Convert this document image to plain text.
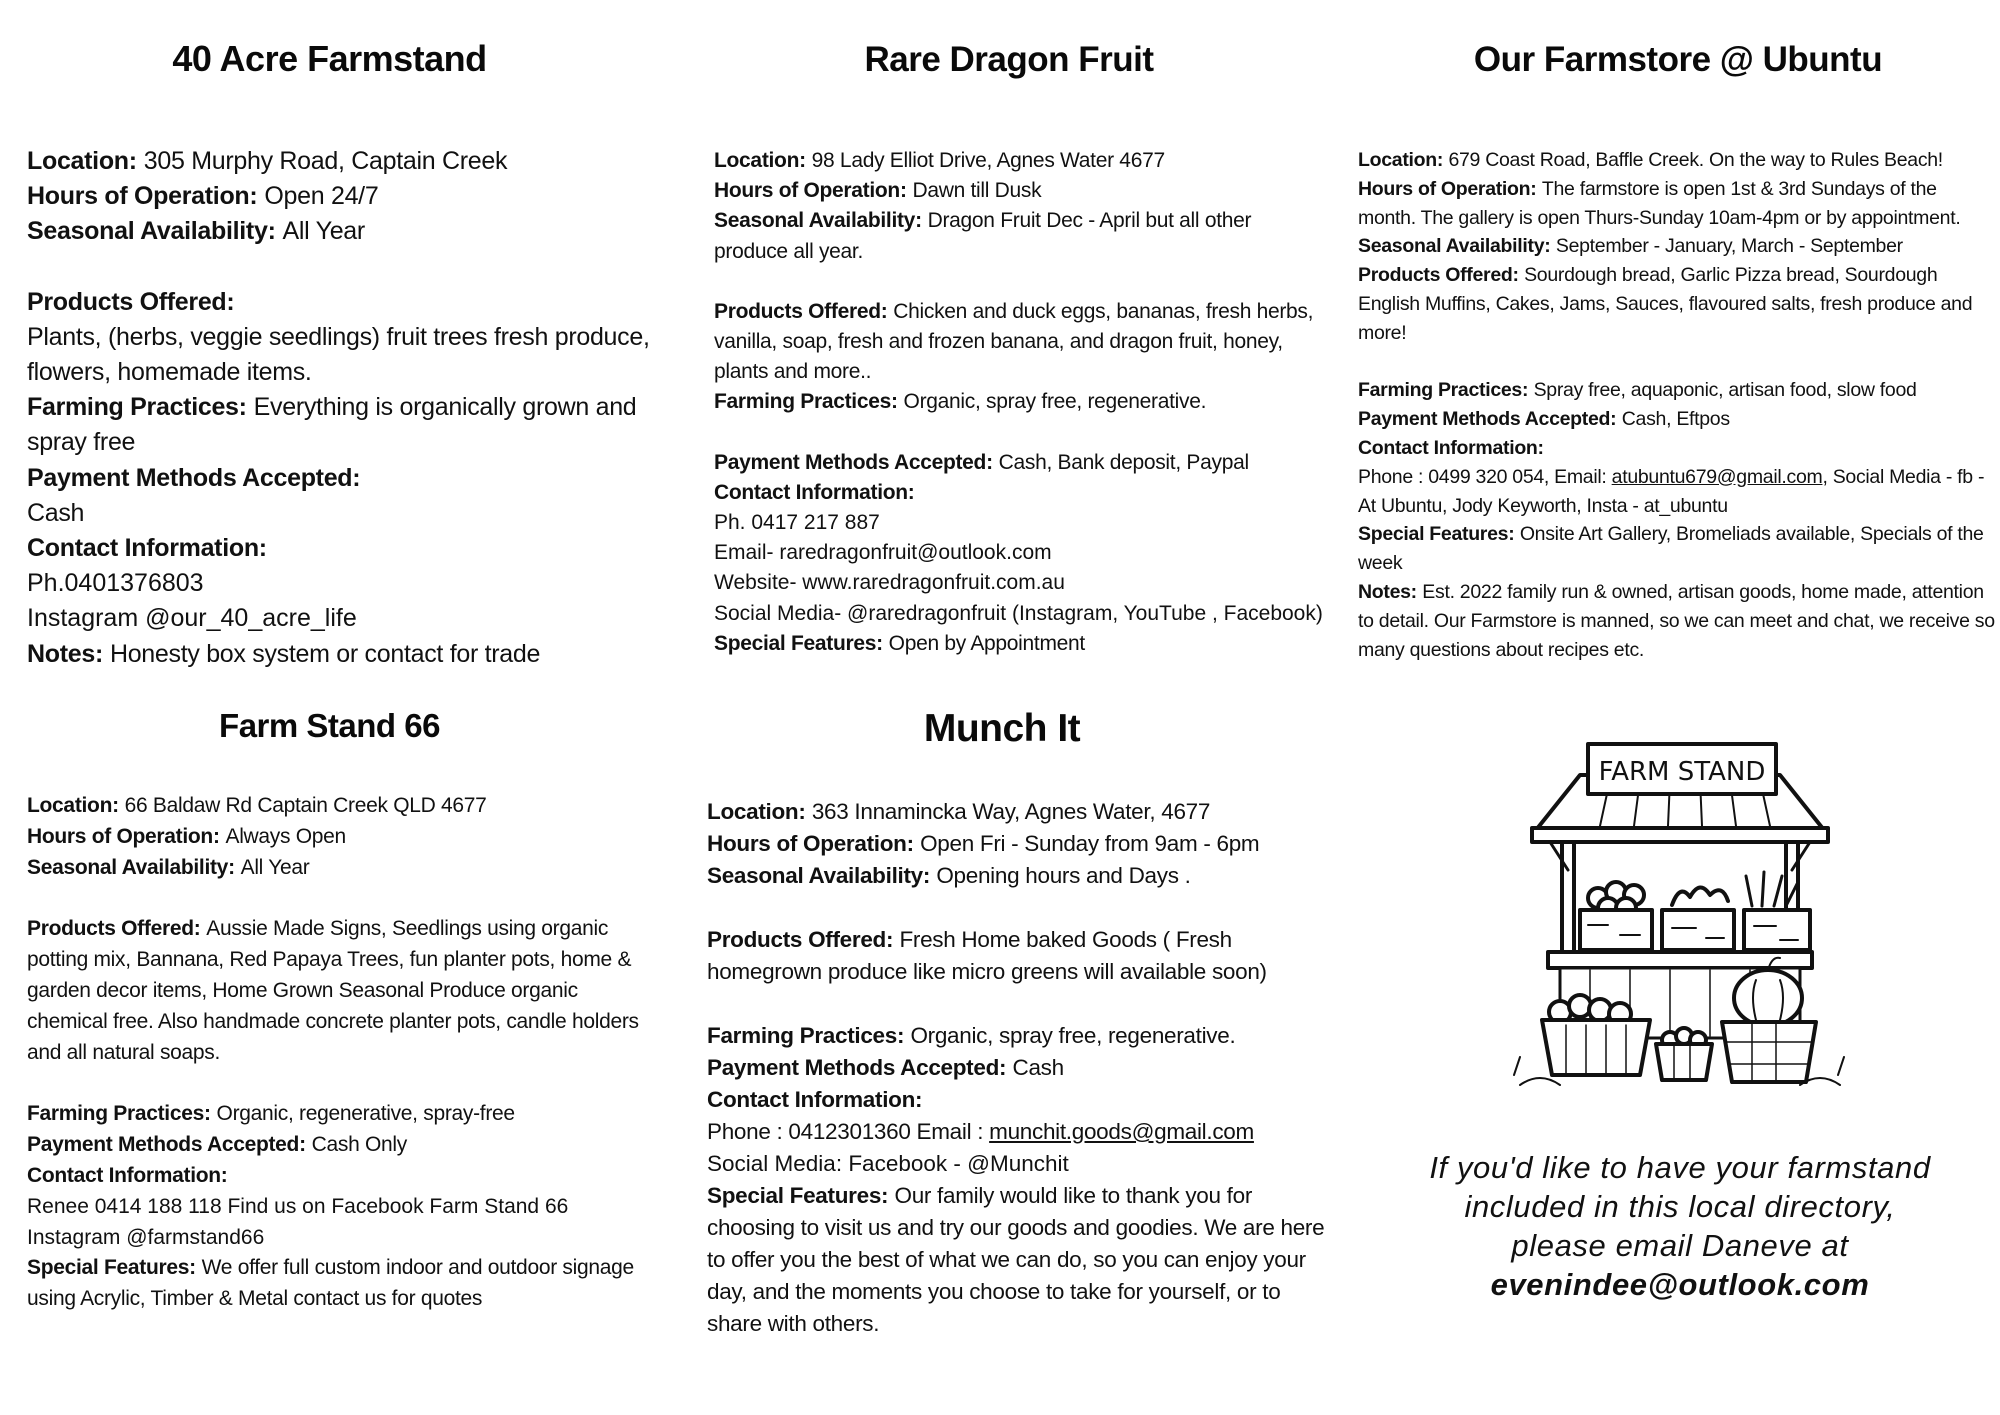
40 Acre Farmstand

Location: 305 Murphy Road, Captain Creek

Hours of Operation: Open 24/7

Seasonal Availability: All Year

Products Offered:

Plants, (herbs, veggie seedlings) fruit trees fresh produce, flowers, homemade items.

Farming Practices: Everything is organically grown and spray free

Payment Methods Accepted:

Cash

Contact Information:

Ph.0401376803

Instagram @our_40_acre_life

Notes: Honesty box system or contact for trade

Rare Dragon Fruit

Location: 98 Lady Elliot Drive, Agnes Water 4677

Hours of Operation: Dawn till Dusk

Seasonal Availability: Dragon Fruit Dec - April but all other produce all year.

Products Offered: Chicken and duck eggs, bananas, fresh herbs, vanilla, soap, fresh and frozen banana, and dragon fruit, honey, plants and more..

Farming Practices: Organic, spray free, regenerative.

Payment Methods Accepted: Cash, Bank deposit, Paypal

Contact Information:

Ph. 0417 217 887

Email- raredragonfruit@outlook.com

Website- www.raredragonfruit.com.au

Social Media- @raredragonfruit (Instagram, YouTube , Facebook)

Special Features: Open by Appointment

Our Farmstore @ Ubuntu

Location: 679 Coast Road, Baffle Creek. On the way to Rules Beach!

Hours of Operation: The farmstore is open 1st & 3rd Sundays of the month. The gallery is open Thurs-Sunday 10am-4pm or by appointment.

Seasonal Availability: September - January, March - September

Products Offered: Sourdough bread, Garlic Pizza bread, Sourdough English Muffins, Cakes, Jams, Sauces, flavoured salts, fresh produce and more!

Farming Practices: Spray free, aquaponic, artisan food, slow food

Payment Methods Accepted: Cash, Eftpos

Contact Information:

Phone : 0499 320 054, Email: atubuntu679@gmail.com, Social Media - fb - At Ubuntu, Jody Keyworth, Insta - at_ubuntu

Special Features: Onsite Art Gallery, Bromeliads available, Specials of the week

Notes: Est. 2022 family run & owned, artisan goods, home made, attention to detail. Our Farmstore is manned, so we can meet and chat, we receive so many questions about recipes etc.

Farm Stand 66

Location: 66 Baldaw Rd Captain Creek QLD 4677

Hours of Operation: Always Open

Seasonal Availability: All Year

Products Offered: Aussie Made Signs, Seedlings using organic potting mix, Bannana, Red Papaya Trees, fun planter pots, home & garden decor items, Home Grown Seasonal Produce organic chemical free. Also handmade concrete planter pots, candle holders and all natural soaps.

Farming Practices: Organic, regenerative, spray-free

Payment Methods Accepted: Cash Only

Contact Information:

Renee 0414 188 118 Find us on Facebook Farm Stand 66

Instagram @farmstand66

Special Features: We offer full custom indoor and outdoor signage using Acrylic, Timber & Metal contact us for quotes

Munch It

Location: 363 Innamincka Way, Agnes Water, 4677

Hours of Operation: Open Fri - Sunday from 9am - 6pm

Seasonal Availability: Opening hours and Days .

Products Offered: Fresh Home baked Goods ( Fresh homegrown produce like micro greens will available soon)

Farming Practices: Organic, spray free, regenerative.

Payment Methods Accepted: Cash

Contact Information:

Phone : 0412301360 Email : munchit.goods@gmail.com

Social Media: Facebook - @Munchit

Special Features: Our family would like to thank you for choosing to visit us and try our goods and goodies. We are here to offer you the best of what we can do, so you can enjoy your day, and the moments you choose to take for yourself, or to share with others.

FARM STAND
If you'd like to have your farmstand included in this local directory, please email Daneve at evenindee@outlook.com
